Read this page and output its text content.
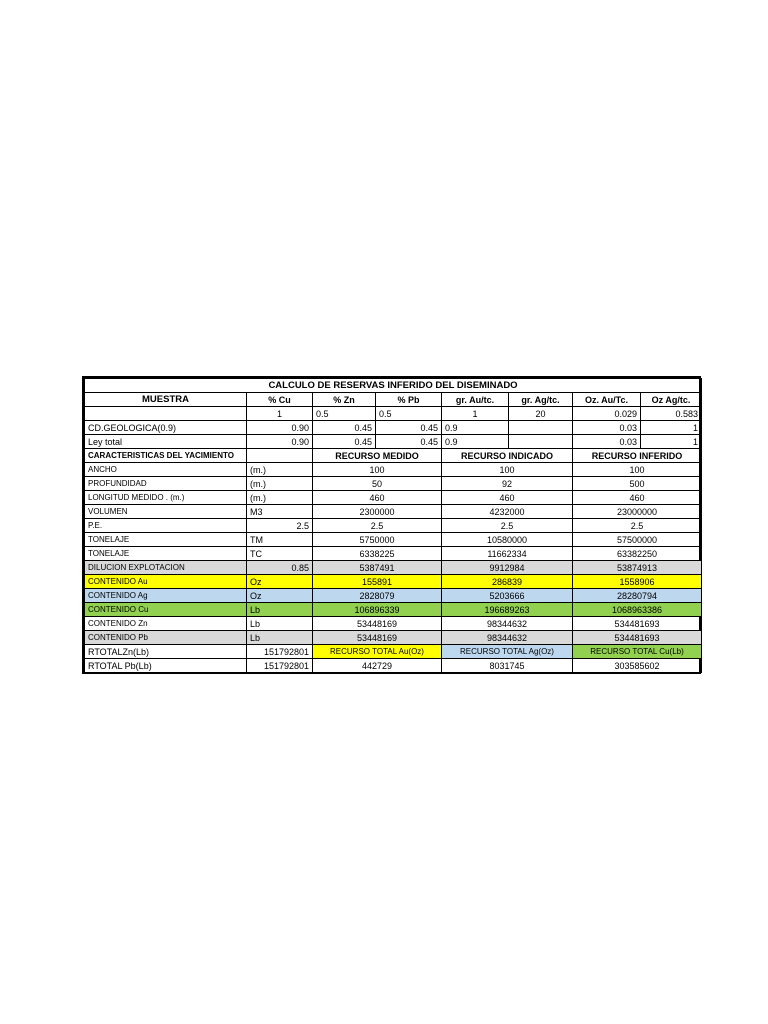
CALCULO DE RESERVAS INFERIDO DEL DISEMINADO							
MUESTRA	% Cu	% Zn	% Pb	gr. Au/tc.	gr. Ag/tc.	Oz. Au/Tc.	Oz Ag/tc.
	1	0.5	0.5	1	20	0.029	0.583
CD.GEOLOGICA(0.9)	0.90	0.45	0.45	0.9		0.03	1
Ley total	0.90	0.45	0.45	0.9		0.03	1
CARACTERISTICAS DEL YACIMIENTO		RECURSO MEDIDO		RECURSO INDICADO		RECURSO INFERIDO	
ANCHO	(m.)	100		100		100	
PROFUNDIDAD	(m.)	50		92		500	
LONGITUD MEDIDO . (m.)	(m.)	460		460		460	
VOLUMEN	M3	2300000		4232000		23000000	
P.E.	2.5	2.5		2.5		2.5	
TONELAJE	TM	5750000		10580000		57500000	
TONELAJE	TC	6338225		11662334		63382250	
DILUCION EXPLOTACION	0.85	5387491		9912984		53874913	
CONTENIDO Au	Oz	155891		286839		1558906	
CONTENIDO Ag	Oz	2828079		5203666		28280794	
CONTENIDO Cu	Lb	106896339		196689263		1068963386	
CONTENIDO Zn	Lb	53448169		98344632		534481693	
CONTENIDO Pb	Lb	53448169		98344632		534481693	
RTOTALZn(Lb)	151792801	RECURSO TOTAL Au(Oz)		RECURSO TOTAL Ag(Oz)		RECURSO TOTAL Cu(Lb)	
RTOTAL Pb(Lb)	151792801	442729		8031745		303585602	
